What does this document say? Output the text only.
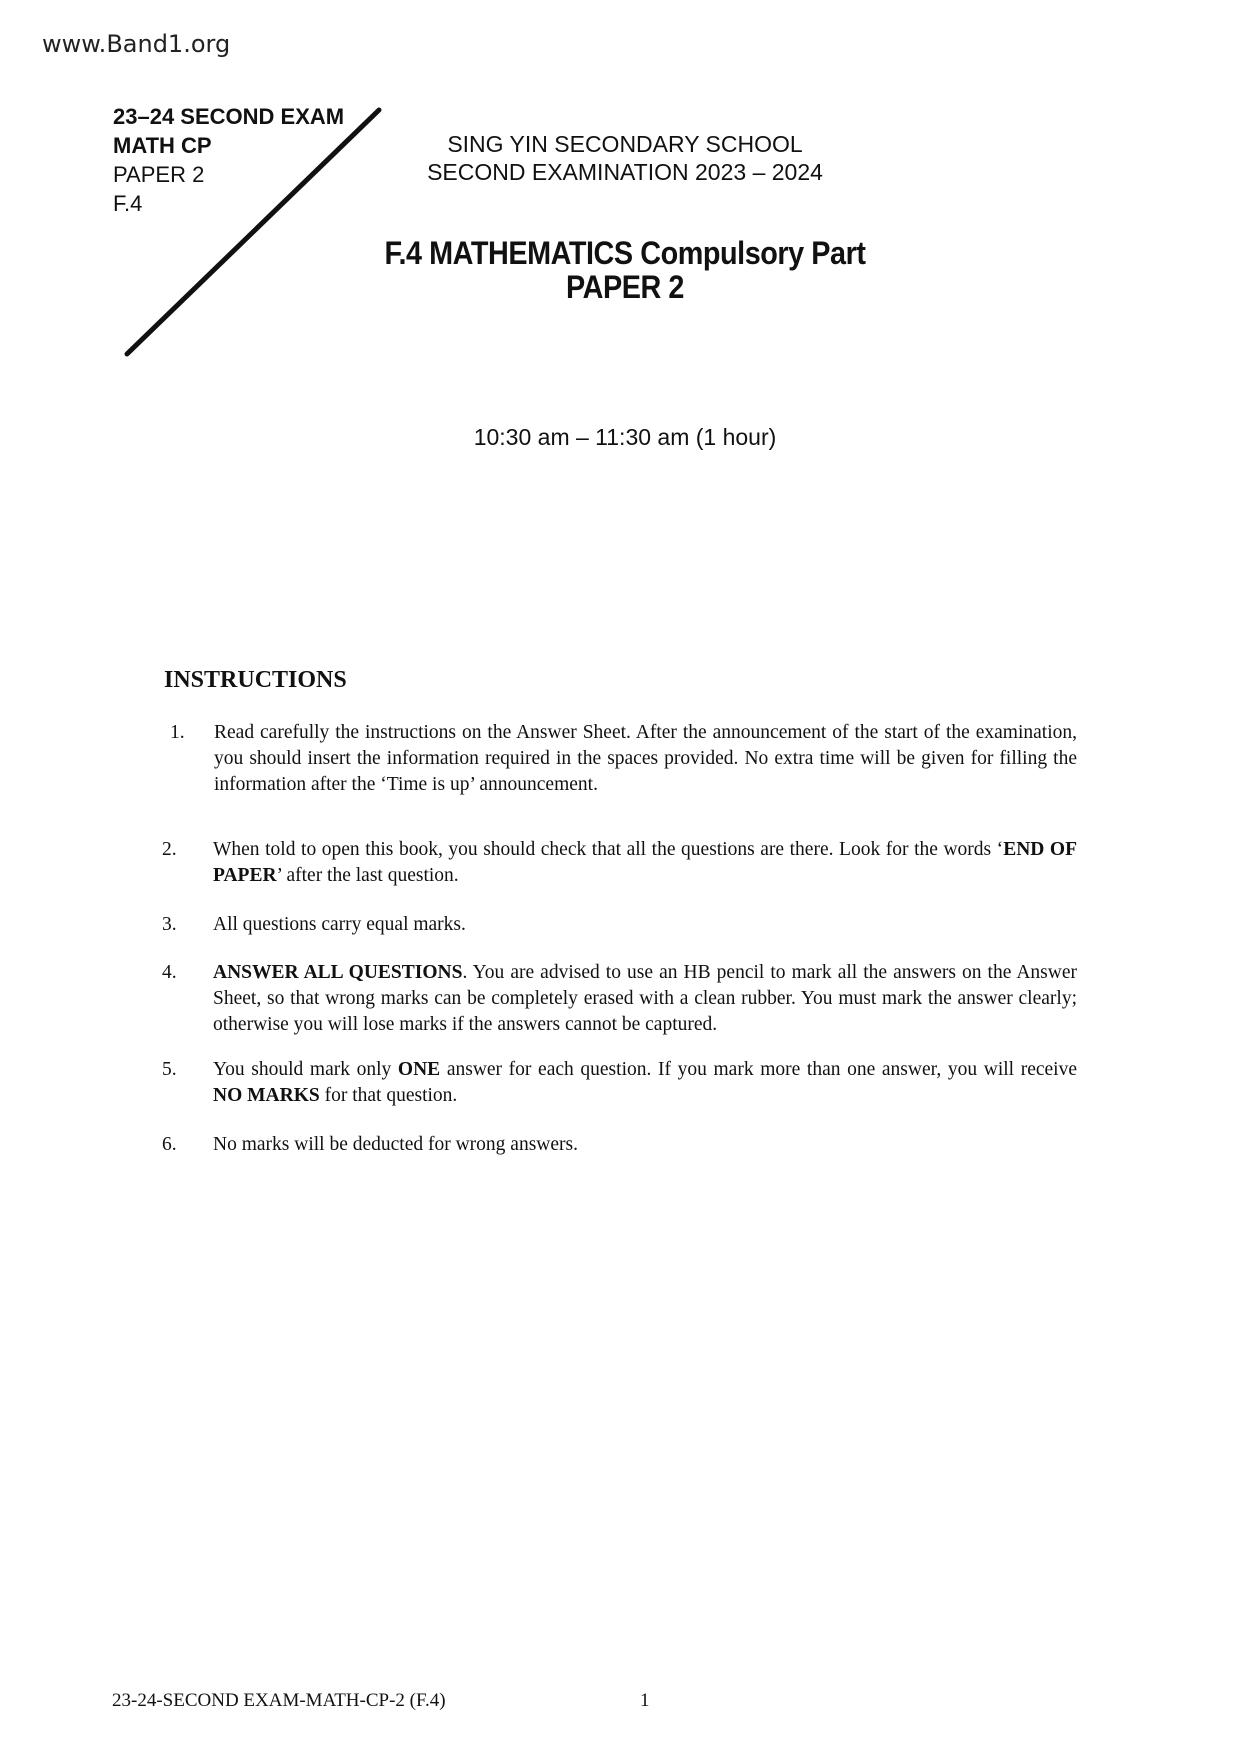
www.Band1.org
23–24 SECOND EXAM
MATH CP
PAPER 2
F.4
SING YIN SECONDARY SCHOOL
SECOND EXAMINATION 2023 – 2024
F.4 MATHEMATICS Compulsory Part
PAPER 2
10:30 am – 11:30 am (1 hour)
INSTRUCTIONS
1.	Read carefully the instructions on the Answer Sheet. After the announcement of the start of the examination, you should insert the information required in the spaces provided. No extra time will be given for filling the information after the ‘Time is up’ announcement.
2.	When told to open this book, you should check that all the questions are there. Look for the words ‘END OF PAPER’ after the last question.
3.	All questions carry equal marks.
4.	ANSWER ALL QUESTIONS. You are advised to use an HB pencil to mark all the answers on the Answer Sheet, so that wrong marks can be completely erased with a clean rubber. You must mark the answer clearly; otherwise you will lose marks if the answers cannot be captured.
5.	You should mark only ONE answer for each question. If you mark more than one answer, you will receive NO MARKS for that question.
6.	No marks will be deducted for wrong answers.
23-24-SECOND EXAM-MATH-CP-2 (F.4)	1
